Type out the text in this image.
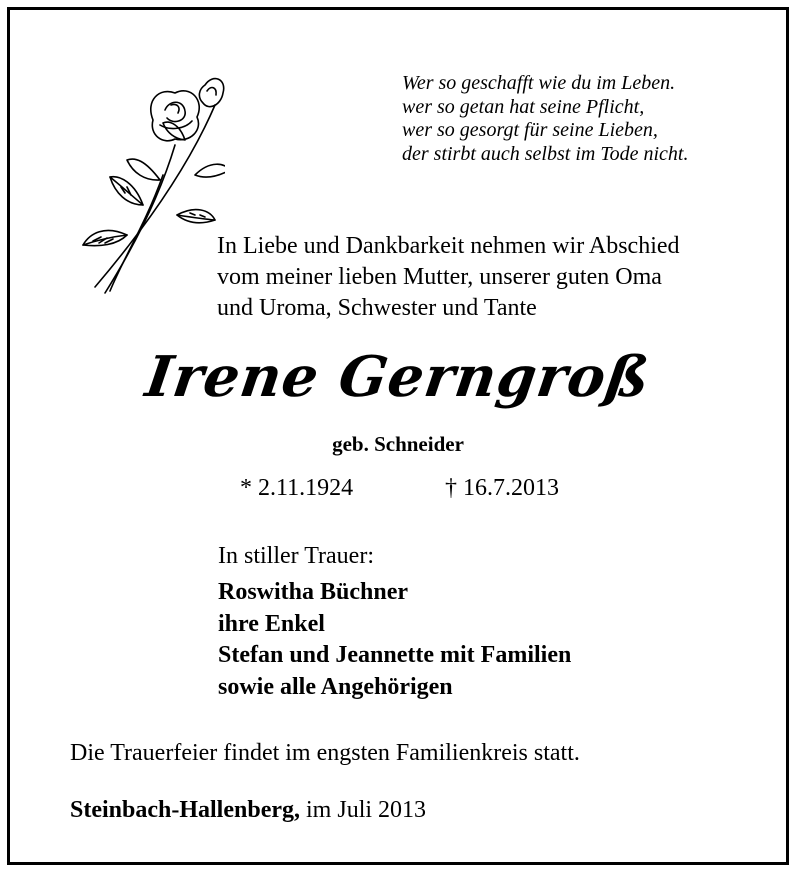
Wer so geschafft wie du im Leben.
wer so getan hat seine Pflicht,
wer so gesorgt für seine Lieben,
der stirbt auch selbst im Tode nicht.
In Liebe und Dankbarkeit nehmen wir Abschied
vom meiner lieben Mutter, unserer guten Oma
und Uroma, Schwester und Tante
Irene Gerngroß
geb. Schneider
* 2.11.1924	† 16.7.2013
In stiller Trauer:
Roswitha Büchner
ihre Enkel
Stefan und Jeannette mit Familien
sowie alle Angehörigen
Die Trauerfeier findet im engsten Familienkreis statt.
Steinbach-Hallenberg, im Juli 2013
